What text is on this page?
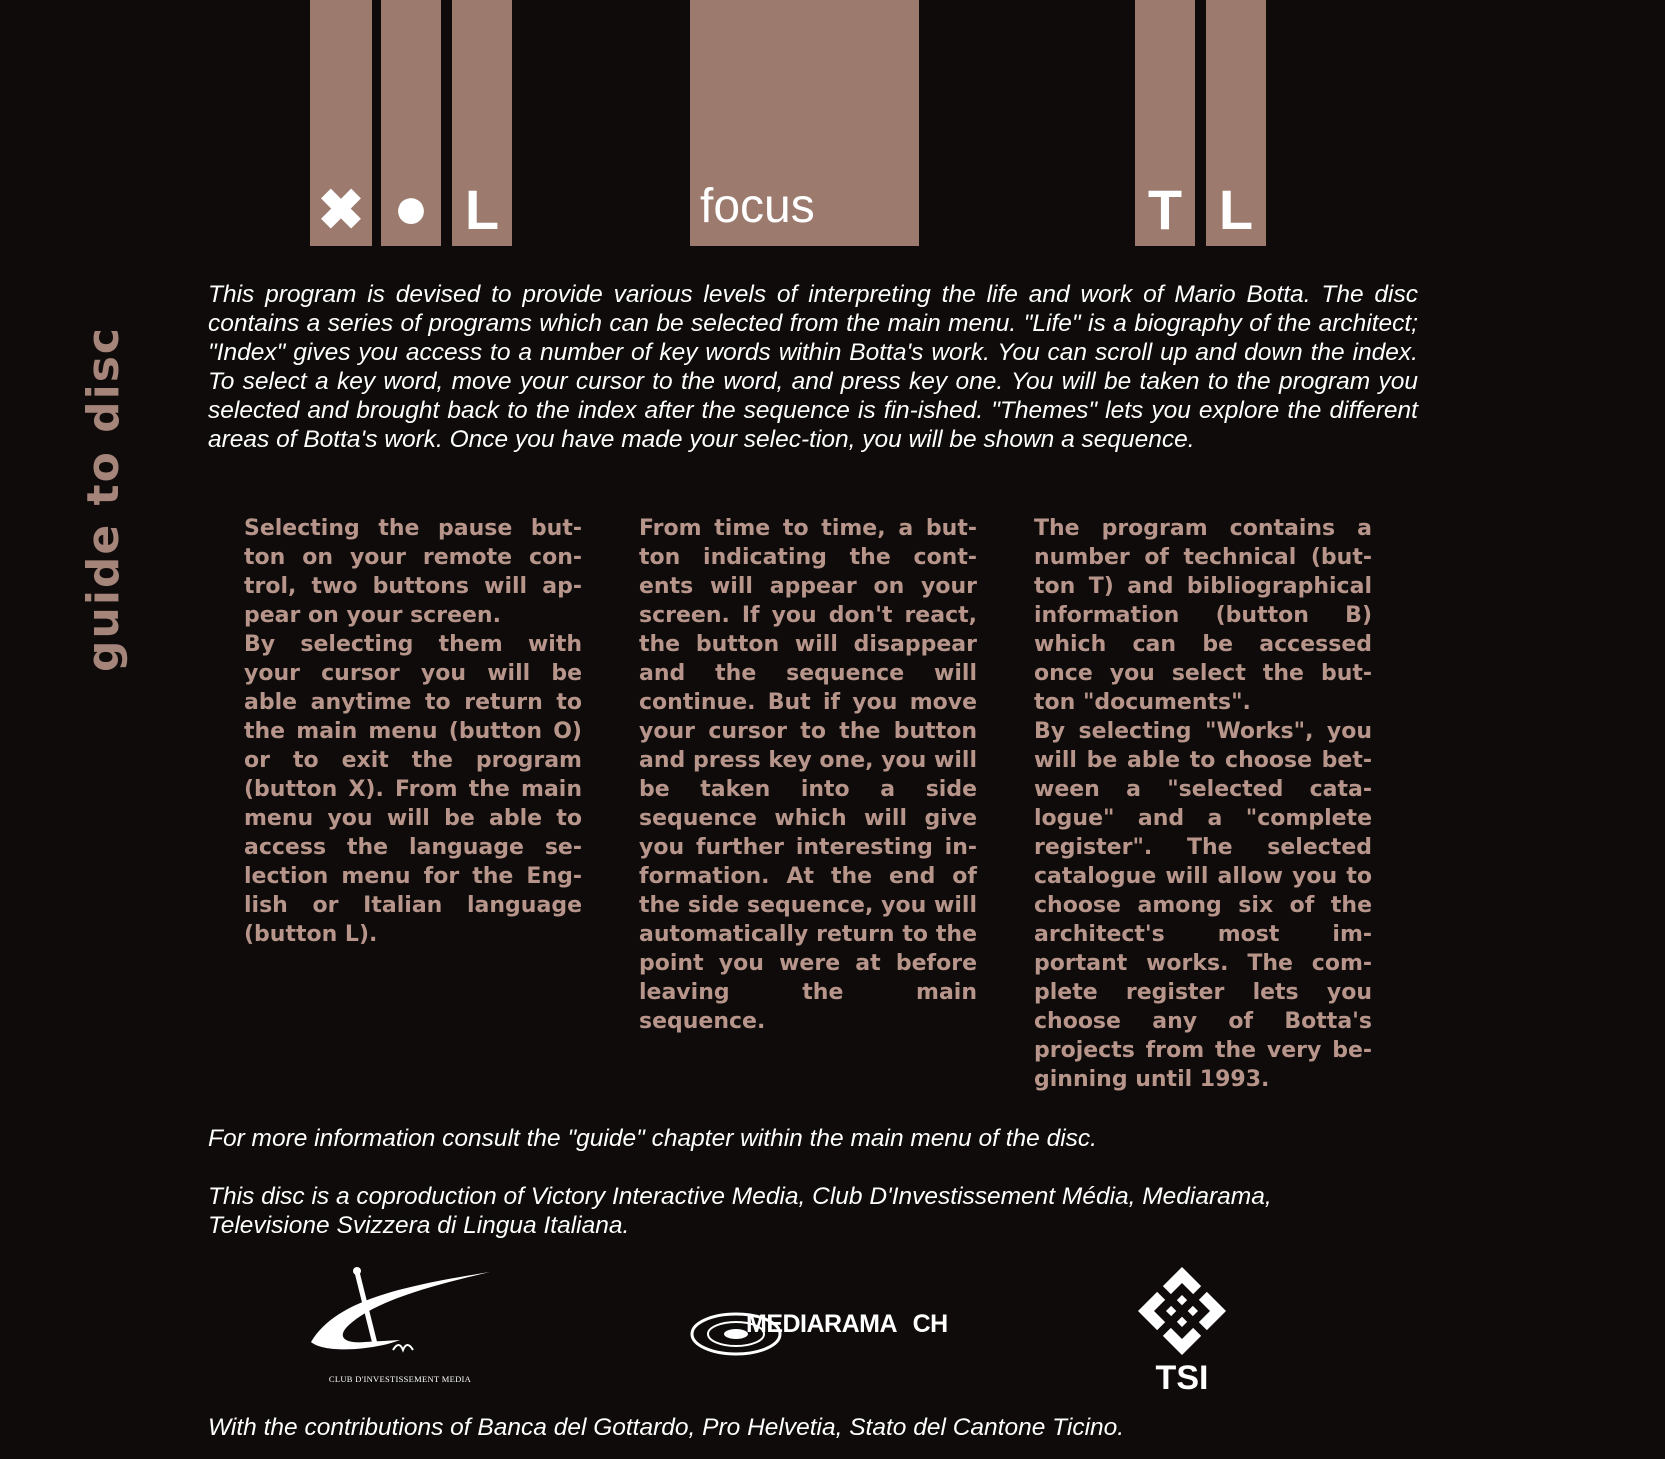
✖ ● L	focus	T L
guide to disc

This program is devised to provide various levels of interpreting the life and work of Mario Botta. The disc contains a series of programs which can be selected from the main menu. "Life" is a biography of the architect; "Index" gives you access to a number of key words within Botta's work. You can scroll up and down the index. To select a key word, move your cursor to the word, and press key one. You will be taken to the program you selected and brought back to the index after the sequence is fin-ished. "Themes" lets you explore the different areas of Botta's work. Once you have made your selec-tion, you will be shown a sequence.

Selecting the pause but-ton on your remote con-trol, two buttons will ap-pear on your screen.
By selecting them with your cursor you will be able anytime to return to the main menu (button O) or to exit the program (button X). From the main menu you will be able to access the language se-lection menu for the Eng-lish or Italian language (button L).
From time to time, a but-ton indicating the cont-ents will appear on your screen. If you don't react, the button will disappear and the sequence will continue. But if you move your cursor to the button and press key one, you will be taken into a side sequence which will give you further interesting in-formation. At the end of the side sequence, you will automatically return to the point you were at before leaving the main sequence.
The program contains a number of technical (but-ton T) and bibliographical information (button B) which can be accessed once you select the but-ton "documents".
By selecting "Works", you will be able to choose bet-ween a "selected cata-logue" and a "complete register". The selected catalogue will allow you to choose among six of the architect's most im-portant works. The com-plete register lets you choose any of Botta's projects from the very be-ginning until 1993.

For more information consult the "guide" chapter within the main menu of the disc.

This disc is a coproduction of Victory Interactive Media, Club D'Investissement Média, Mediarama, Televisione Svizzera di Lingua Italiana.

CLUB D'INVESTISSEMENT MEDIA
MEDIARAMA CH
TSI

With the contributions of Banca del Gottardo, Pro Helvetia, Stato del Cantone Ticino.
